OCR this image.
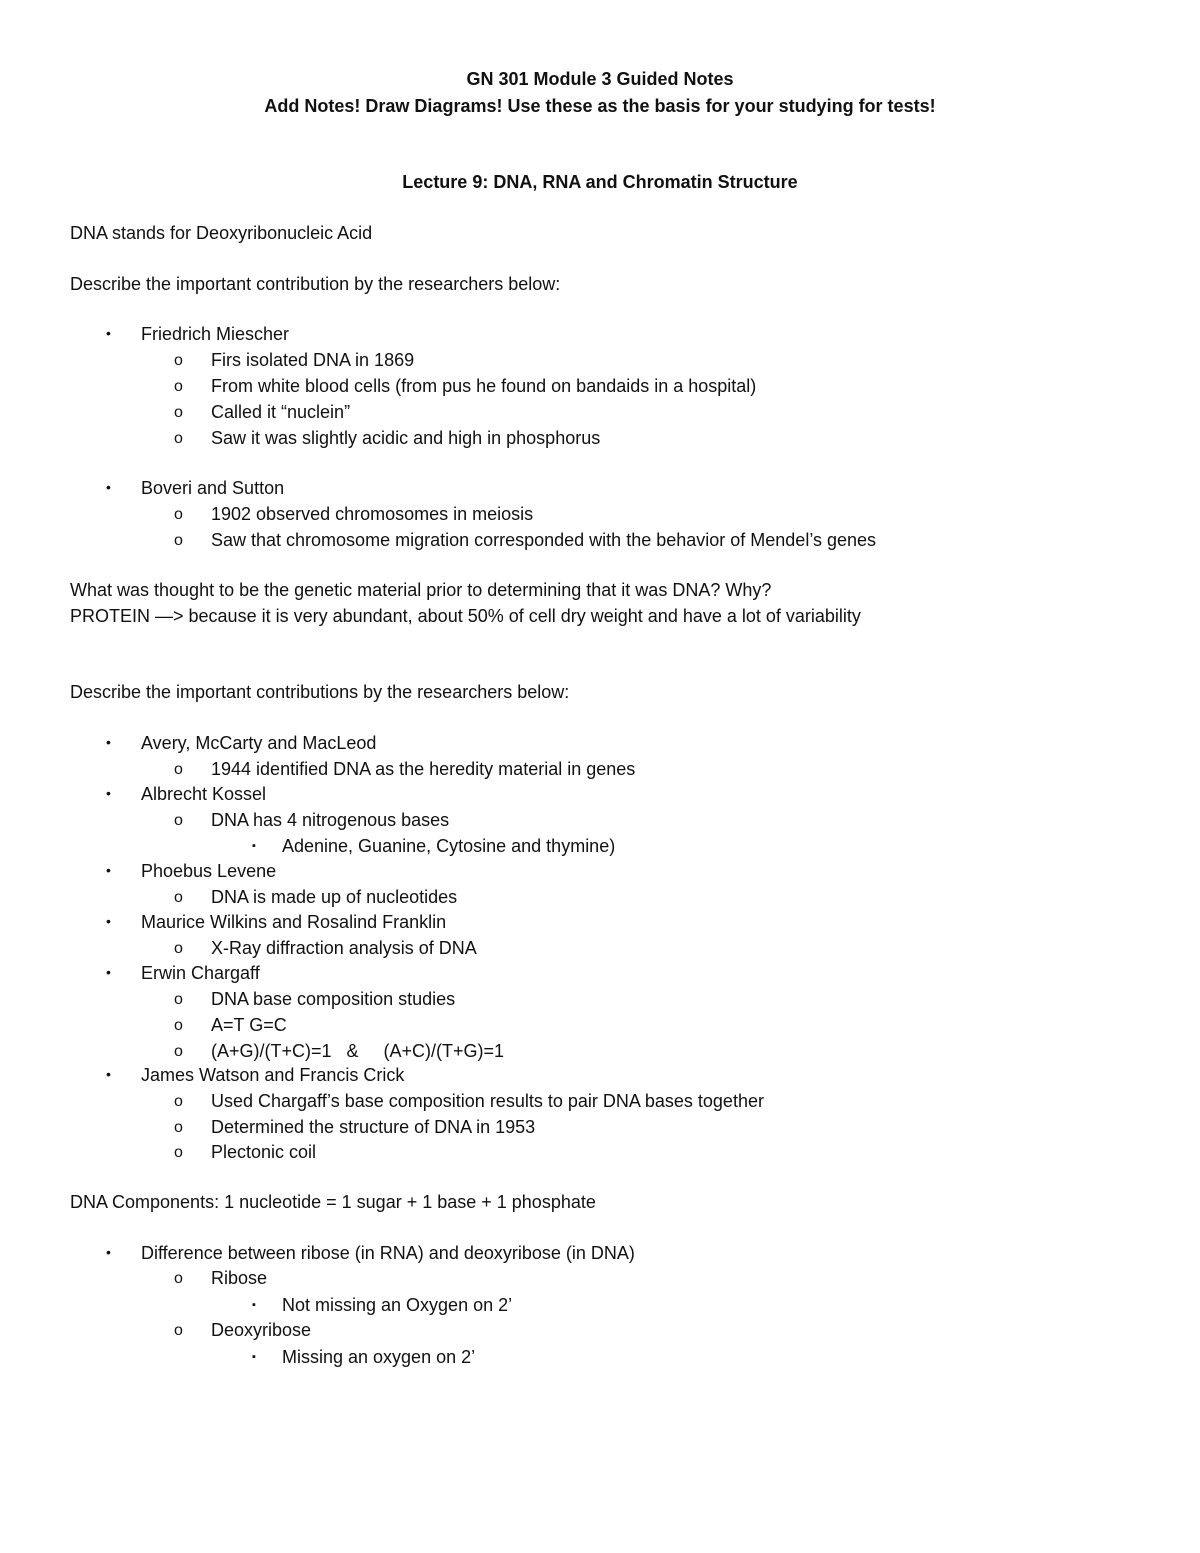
GN 301 Module 3 Guided Notes
Add Notes! Draw Diagrams! Use these as the basis for your studying for tests!
Lecture 9: DNA, RNA and Chromatin Structure
DNA stands for Deoxyribonucleic Acid
Describe the important contribution by the researchers below:
• Friedrich Miescher
o Firs isolated DNA in 1869
o From white blood cells (from pus he found on bandaids in a hospital)
o Called it “nuclein”
o Saw it was slightly acidic and high in phosphorus
• Boveri and Sutton
o 1902 observed chromosomes in meiosis
o Saw that chromosome migration corresponded with the behavior of Mendel’s genes
What was thought to be the genetic material prior to determining that it was DNA? Why?
PROTEIN —> because it is very abundant, about 50% of cell dry weight and have a lot of variability
Describe the important contributions by the researchers below:
• Avery, McCarty and MacLeod
o 1944 identified DNA as the heredity material in genes
• Albrecht Kossel
o DNA has 4 nitrogenous bases
▪ Adenine, Guanine, Cytosine and thymine)
• Phoebus Levene
o DNA is made up of nucleotides
• Maurice Wilkins and Rosalind Franklin
o X-Ray diffraction analysis of DNA
• Erwin Chargaff
o DNA base composition studies
o A=T G=C
o (A+G)/(T+C)=1   &     (A+C)/(T+G)=1
• James Watson and Francis Crick
o Used Chargaff’s base composition results to pair DNA bases together
o Determined the structure of DNA in 1953
o Plectonic coil
DNA Components: 1 nucleotide = 1 sugar + 1 base + 1 phosphate
• Difference between ribose (in RNA) and deoxyribose (in DNA)
o Ribose
▪ Not missing an Oxygen on 2’
o Deoxyribose
▪ Missing an oxygen on 2’
